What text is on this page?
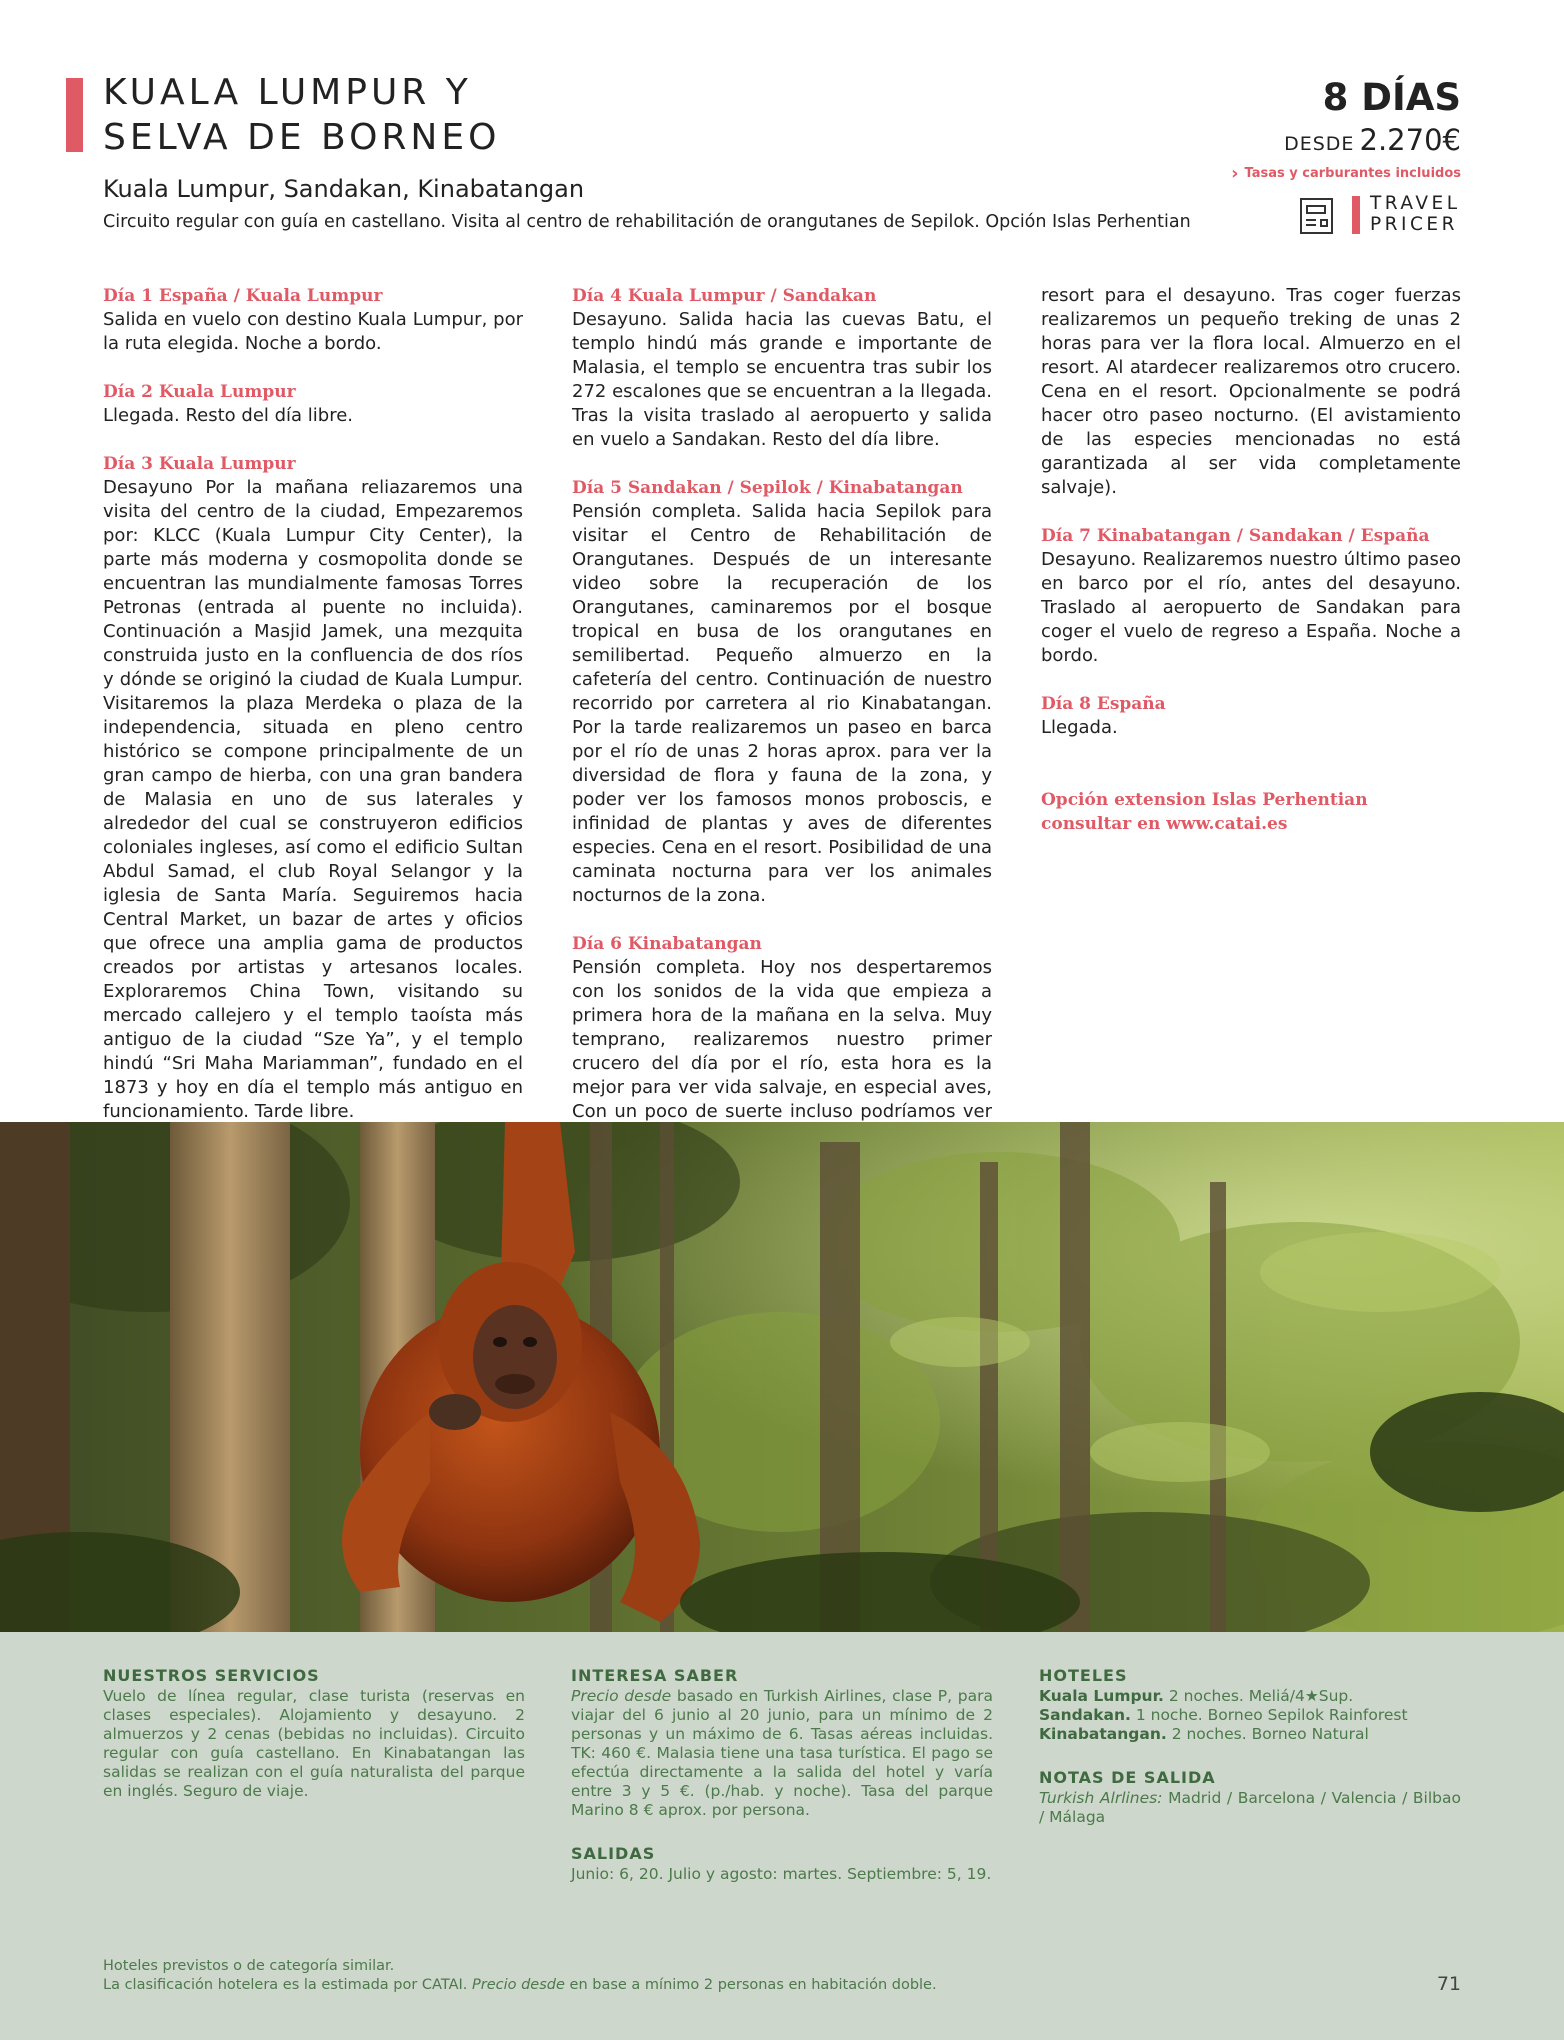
KUALA LUMPUR Y
SELVA DE BORNEO
Kuala Lumpur, Sandakan, Kinabatangan
Circuito regular con guía en castellano. Visita al centro de rehabilitación de orangutanes de Sepilok. Opción Islas Perhentian
8 DÍAS
DESDE 2.270€
› Tasas y carburantes incluidos
TRAVEL
PRICER
Día 1 España / Kuala Lumpur
Salida en vuelo con destino Kuala Lumpur, por la ruta elegida. Noche a bordo.
Día 2 Kuala Lumpur
Llegada. Resto del día libre.
Día 3 Kuala Lumpur
Desayuno Por la mañana reliazaremos una visita del centro de la ciudad, Empezaremos por: KLCC (Kuala Lumpur City Center), la parte más moderna y cosmopolita donde se encuentran las mundialmente famosas Torres Petronas (entrada al puente no incluida). Continuación a Masjid Jamek, una mezquita construida justo en la confluencia de dos ríos y dónde se originó la ciudad de Kuala Lumpur. Visitaremos la plaza Merdeka o plaza de la independencia, situada en pleno centro histórico se compone principalmente de un gran campo de hierba, con una gran bandera de Malasia en uno de sus laterales y alrededor del cual se construyeron edificios coloniales ingleses, así como el edificio Sultan Abdul Samad, el club Royal Selangor y la iglesia de Santa María. Seguiremos hacia Central Market, un bazar de artes y oficios que ofrece una amplia gama de productos creados por artistas y artesanos locales. Exploraremos China Town, visitando su mercado callejero y el templo taoísta más antiguo de la ciudad “Sze Ya”, y el templo hindú “Sri Maha Mariamman”, fundado en el 1873 y hoy en día el templo más antiguo en funcionamiento. Tarde libre.
Día 4 Kuala Lumpur / Sandakan
Desayuno. Salida hacia las cuevas Batu, el templo hindú más grande e importante de Malasia, el templo se encuentra tras subir los 272 escalones que se encuentran a la llegada. Tras la visita traslado al aeropuerto y salida en vuelo a Sandakan. Resto del día libre.
Día 5 Sandakan / Sepilok / Kinabatangan
Pensión completa. Salida hacia Sepilok para visitar el Centro de Rehabilitación de Orangutanes. Después de un interesante video sobre la recuperación de los Orangutanes, caminaremos por el bosque tropical en busa de los orangutanes en semilibertad. Pequeño almuerzo en la cafetería del centro. Continuación de nuestro recorrido por carretera al rio Kinabatangan. Por la tarde realizaremos un paseo en barca por el río de unas 2 horas aprox. para ver la diversidad de flora y fauna de la zona, y poder ver los famosos monos proboscis, e infinidad de plantas y aves de diferentes especies. Cena en el resort. Posibilidad de una caminata nocturna para ver los animales nocturnos de la zona.
Día 6 Kinabatangan
Pensión completa. Hoy nos despertaremos con los sonidos de la vida que empieza a primera hora de la mañana en la selva. Muy temprano, realizaremos nuestro primer crucero del día por el río, esta hora es la mejor para ver vida salvaje, en especial aves, Con un poco de suerte incluso podríamos ver
resort para el desayuno. Tras coger fuerzas realizaremos un pequeño treking de unas 2 horas para ver la flora local. Almuerzo en el resort. Al atardecer realizaremos otro crucero. Cena en el resort. Opcionalmente se podrá hacer otro paseo nocturno. (El avistamiento de las especies mencionadas no está garantizada al ser vida completamente salvaje).
Día 7 Kinabatangan / Sandakan / España
Desayuno. Realizaremos nuestro último paseo en barco por el río, antes del desayuno. Traslado al aeropuerto de Sandakan para coger el vuelo de regreso a España. Noche a bordo.
Día 8 España
Llegada.
Opción extension Islas Perhentian consultar en www.catai.es
NUESTROS SERVICIOS
Vuelo de línea regular, clase turista (reservas en clases especiales). Alojamiento y desayuno. 2 almuerzos y 2 cenas (bebidas no incluidas). Circuito regular con guía castellano. En Kinabatangan las salidas se realizan con el guía naturalista del parque en inglés. Seguro de viaje.
INTERESA SABER
Precio desde basado en Turkish Airlines, clase P, para viajar del 6 junio al 20 junio, para un mínimo de 2 personas y un máximo de 6. Tasas aéreas incluidas. TK: 460 €. Malasia tiene una tasa turística. El pago se efectúa directamente a la salida del hotel y varía entre 3 y 5 €. (p./hab. y noche). Tasa del parque Marino 8 € aprox. por persona.
SALIDAS
Junio: 6, 20. Julio y agosto: martes. Septiembre: 5, 19.
HOTELES
Kuala Lumpur. 2 noches. Meliá/4★Sup.
Sandakan. 1 noche. Borneo Sepilok Rainforest
Kinabatangan. 2 noches. Borneo Natural
NOTAS DE SALIDA
Turkish Alrlines: Madrid / Barcelona / Valencia / Bilbao / Málaga
Hoteles previstos o de categoría similar.
La clasificación hotelera es la estimada por CATAI. Precio desde en base a mínimo 2 personas en habitación doble.	71
